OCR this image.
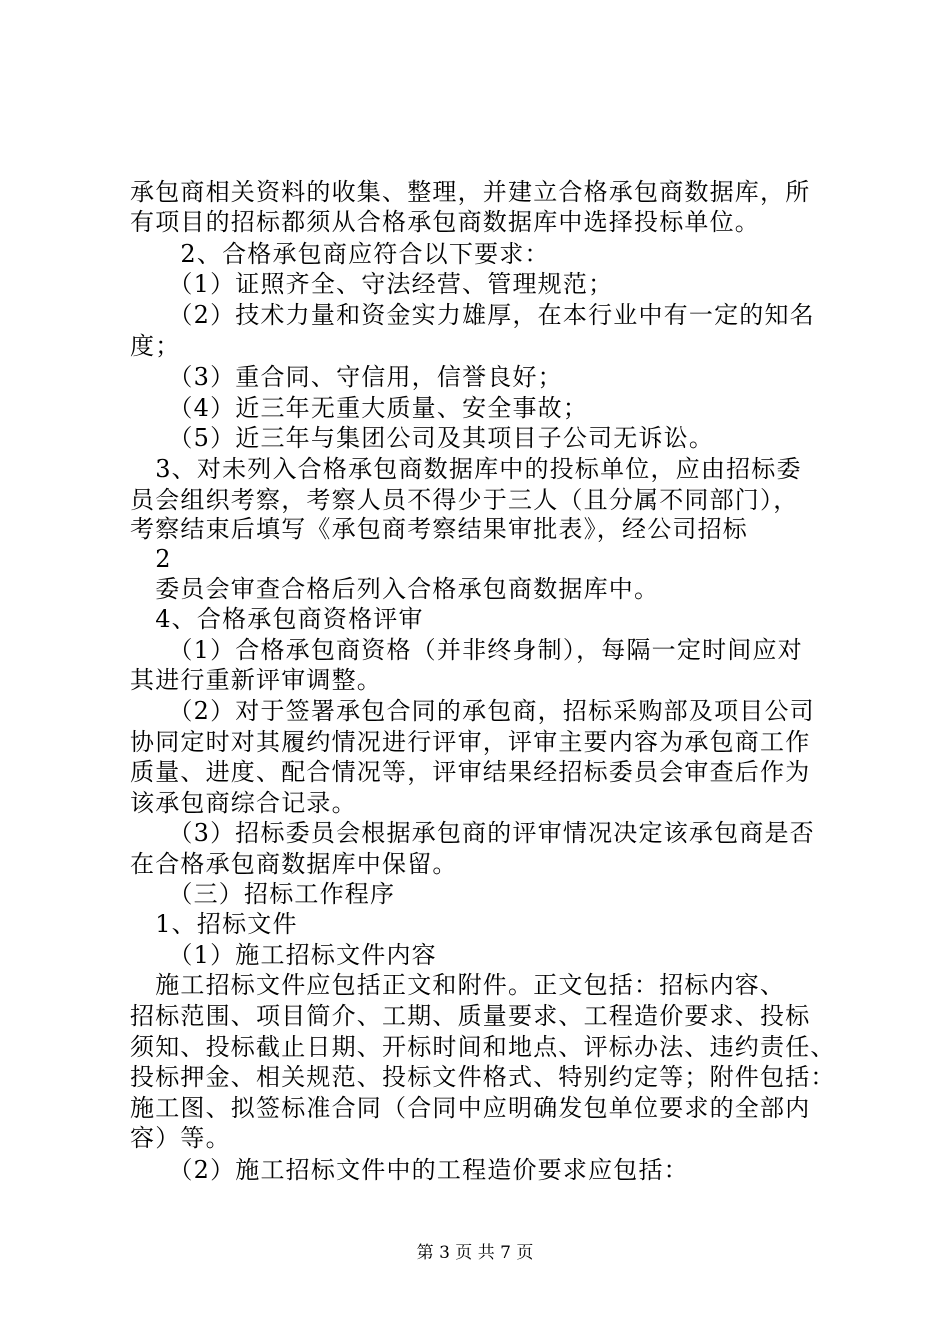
承包商相关资料的收集、整理，并建立合格承包商数据库，所
有项目的招标都须从合格承包商数据库中选择投标单位。
　　2、合格承包商应符合以下要求：
　　（1）证照齐全、守法经营、管理规范；
　　（2）技术力量和资金实力雄厚，在本行业中有一定的知名
度；
　　（3）重合同、守信用，信誉良好；
　　（4）近三年无重大质量、安全事故；
　　（5）近三年与集团公司及其项目子公司无诉讼。
　3、对未列入合格承包商数据库中的投标单位，应由招标委
员会组织考察，考察人员不得少于三人（且分属不同部门），
考察结束后填写《承包商考察结果审批表》，经公司招标
　2
　委员会审查合格后列入合格承包商数据库中。
　4、合格承包商资格评审
　　（1）合格承包商资格（并非终身制），每隔一定时间应对
其进行重新评审调整。
　　（2）对于签署承包合同的承包商，招标采购部及项目公司
协同定时对其履约情况进行评审，评审主要内容为承包商工作
质量、进度、配合情况等，评审结果经招标委员会审查后作为
该承包商综合记录。
　　（3）招标委员会根据承包商的评审情况决定该承包商是否
在合格承包商数据库中保留。
　　（三）招标工作程序
　1、招标文件
　　（1）施工招标文件内容
　施工招标文件应包括正文和附件。正文包括：招标内容、
招标范围、项目简介、工期、质量要求、工程造价要求、投标
须知、投标截止日期、开标时间和地点、评标办法、违约责任、
投标押金、相关规范、投标文件格式、特别约定等；附件包括：
施工图、拟签标准合同（合同中应明确发包单位要求的全部内
容）等。
　　（2）施工招标文件中的工程造价要求应包括：
第 3 页 共 7 页
